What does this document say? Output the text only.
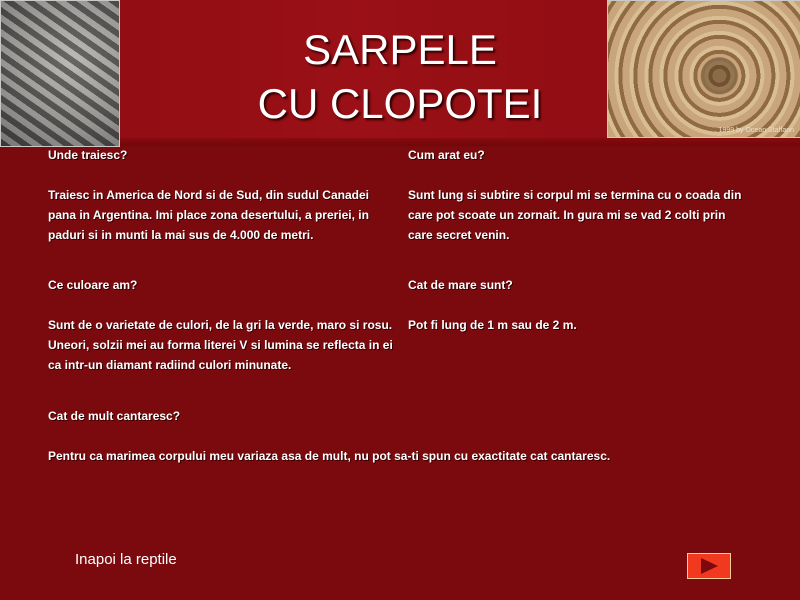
1999 by Ocean Staffann
SARPELE
CU CLOPOTEI

Unde traiesc?

Traiesc in America de Nord si de Sud, din sudul Canadei pana in Argentina. Imi place zona desertului, a preriei, in paduri si in munti la mai sus de 4.000 de metri.

Cum arat eu?

Sunt lung si subtire si corpul mi se termina cu o coada din care pot scoate un zornait. In gura mi se vad 2 colti prin care secret venin.

Ce culoare am?

Sunt de o varietate de culori, de la gri la verde, maro si rosu. Uneori, solzii mei au forma literei V si lumina se reflecta in ei ca intr-un diamant radiind culori minunate.

Cat de mare sunt?

Pot fi lung de 1 m sau de 2 m.

Cat de mult cantaresc?

Pentru ca marimea corpului meu variaza asa de mult, nu pot sa-ti spun cu exactitate cat cantaresc.

Inapoi la reptile
